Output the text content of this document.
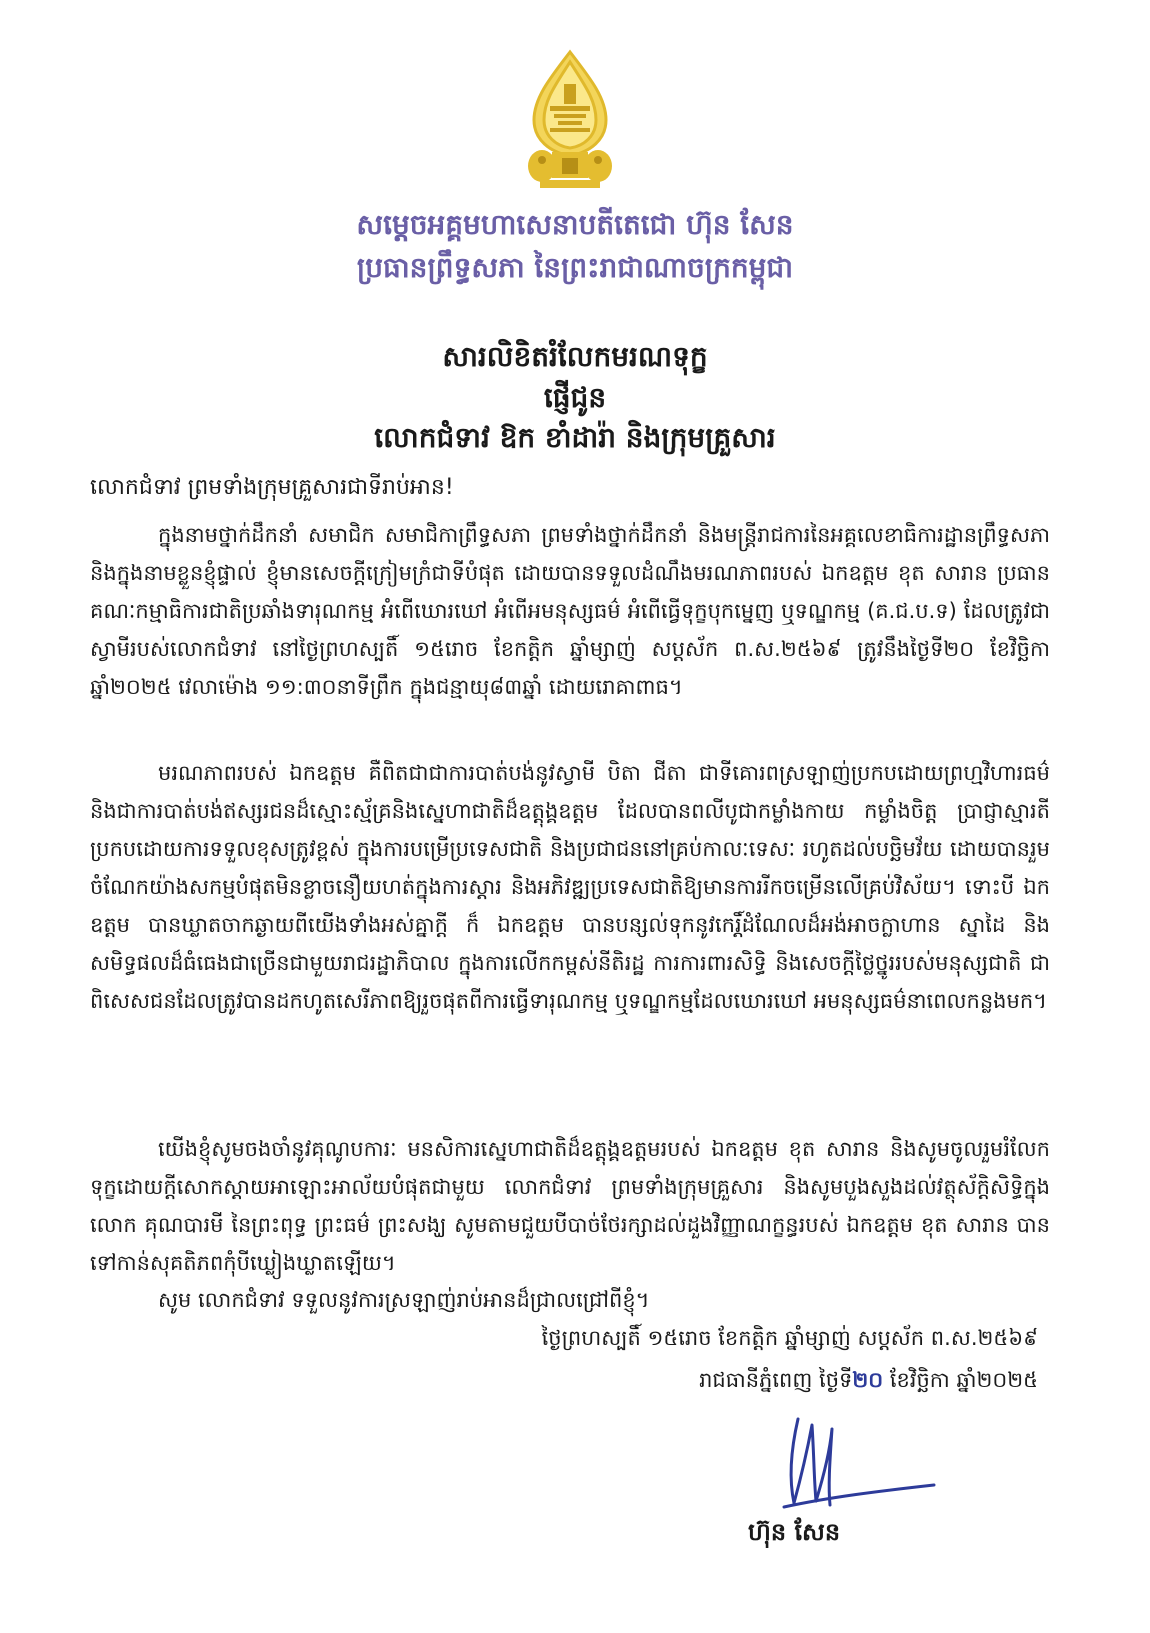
សម្តេចអគ្គមហាសេនាបតីតេជោ ហ៊ុន សែន
ប្រធានព្រឹទ្ធសភា នៃព្រះរាជាណាចក្រកម្ពុជា
សារលិខិតរំលែកមរណទុក្ខ
ផ្ញើជូន
លោកជំទាវ ឱក ខាំដារ៉ា និងក្រុមគ្រួសារ
លោកជំទាវ ព្រមទាំងក្រុមគ្រួសារជាទីរាប់អាន!

ក្នុងនាមថ្នាក់ដឹកនាំ សមាជិក សមាជិកាព្រឹទ្ធសភា ព្រមទាំងថ្នាក់ដឹកនាំ និងមន្ត្រីរាជការនៃអគ្គលេខាធិការដ្ឋានព្រឹទ្ធសភា និងក្នុងនាមខ្លួនខ្ញុំផ្ទាល់ ខ្ញុំមានសេចក្តីក្រៀមក្រំជាទីបំផុត ដោយបានទទួលដំណឹងមរណភាពរបស់ ឯកឧត្តម ខុត សារាន ប្រធានគណៈកម្មាធិការជាតិប្រឆាំងទារុណកម្ម អំពើឃោរឃៅ អំពើអមនុស្សធម៌ អំពើធ្វើទុក្ខបុកម្នេញ ឬទណ្ឌកម្ម (គ.ជ.ប.ទ) ដែលត្រូវជាស្វាមីរបស់លោកជំទាវ នៅថ្ងៃព្រហស្បតិ៍ ១៥រោច ខែកត្តិក ឆ្នាំម្សាញ់ សប្តស័ក ព.ស.២៥៦៩ ត្រូវនឹងថ្ងៃទី២០ ខែវិច្ឆិកា ឆ្នាំ២០២៥ វេលាម៉ោង ១១:៣០នាទីព្រឹក ក្នុងជន្មាយុ៨៣ឆ្នាំ ដោយរោគាពាធ។

មរណភាពរបស់ ឯកឧត្តម គឺពិតជាជាការបាត់បង់នូវស្វាមី បិតា ជីតា ជាទីគោរពស្រឡាញ់ប្រកបដោយព្រហ្មវិហារធម៌ និងជាការបាត់បង់ឥស្សរជនដ៏ស្មោះស្ម័គ្រនិងស្នេហាជាតិដ៏ឧត្តុង្គឧត្តម ដែលបានពលីបូជាកម្លាំងកាយ កម្លាំងចិត្ត ប្រាជ្ញាស្មារតី ប្រកបដោយការទទួលខុសត្រូវខ្ពស់ ក្នុងការបម្រើប្រទេសជាតិ និងប្រជាជននៅគ្រប់កាលៈទេសៈ រហូតដល់បច្ឆិមវ័យ ដោយបានរួមចំណែកយ៉ាងសកម្មបំផុតមិនខ្លាចនឿយហត់ក្នុងការស្តារ និងអភិវឌ្ឍប្រទេសជាតិឱ្យមានការរីកចម្រើនលើគ្រប់វិស័យ។ ទោះបី ឯកឧត្តម បានឃ្លាតចាកឆ្ងាយពីយើងទាំងអស់គ្នាក្តី ក៏ ឯកឧត្តម បានបន្សល់ទុកនូវកេរ្តិ៍ដំណែលដ៏អង់អាចក្លាហាន ស្នាដៃ និងសមិទ្ធផលដ៏ធំធេងជាច្រើនជាមួយរាជរដ្ឋាភិបាល ក្នុងការលើកកម្ពស់នីតិរដ្ឋ ការការពារសិទ្ធិ និងសេចក្តីថ្លៃថ្នូររបស់មនុស្សជាតិ ជាពិសេសជនដែលត្រូវបានដកហូតសេរីភាពឱ្យរួចផុតពីការធ្វើទារុណកម្ម ឬទណ្ឌកម្មដែលឃោរឃៅ អមនុស្សធម៌នាពេលកន្លងមក។

យើងខ្ញុំសូមចងចាំនូវគុណូបការៈ មនសិការស្នេហាជាតិដ៏ឧត្តុង្គឧត្តមរបស់ ឯកឧត្តម ខុត សារាន និងសូមចូលរួមរំលែកទុក្ខដោយក្តីសោកស្តាយអាឡោះអាល័យបំផុតជាមួយ លោកជំទាវ ព្រមទាំងក្រុមគ្រួសារ និងសូមបួងសួងដល់វត្ថុស័ក្តិសិទ្ធិក្នុងលោក គុណបារមី នៃព្រះពុទ្ធ ព្រះធម៌ ព្រះសង្ឃ សូមតាមជួយបីបាច់ថែរក្សាដល់ដួងវិញ្ញាណក្ខន្ធរបស់ ឯកឧត្តម ខុត សារាន បានទៅកាន់សុគតិភពកុំបីឃ្លៀងឃ្លាតឡើយ។

សូម លោកជំទាវ ទទួលនូវការស្រឡាញ់រាប់អានដ៏ជ្រាលជ្រៅពីខ្ញុំ។
ថ្ងៃព្រហស្បតិ៍ ១៥រោច ខែកត្តិក ឆ្នាំម្សាញ់ សប្តស័ក ព.ស.២៥៦៩
រាជធានីភ្នំពេញ ថ្ងៃទី២០ ខែវិច្ឆិកា ឆ្នាំ២០២៥
ហ៊ុន សែន
